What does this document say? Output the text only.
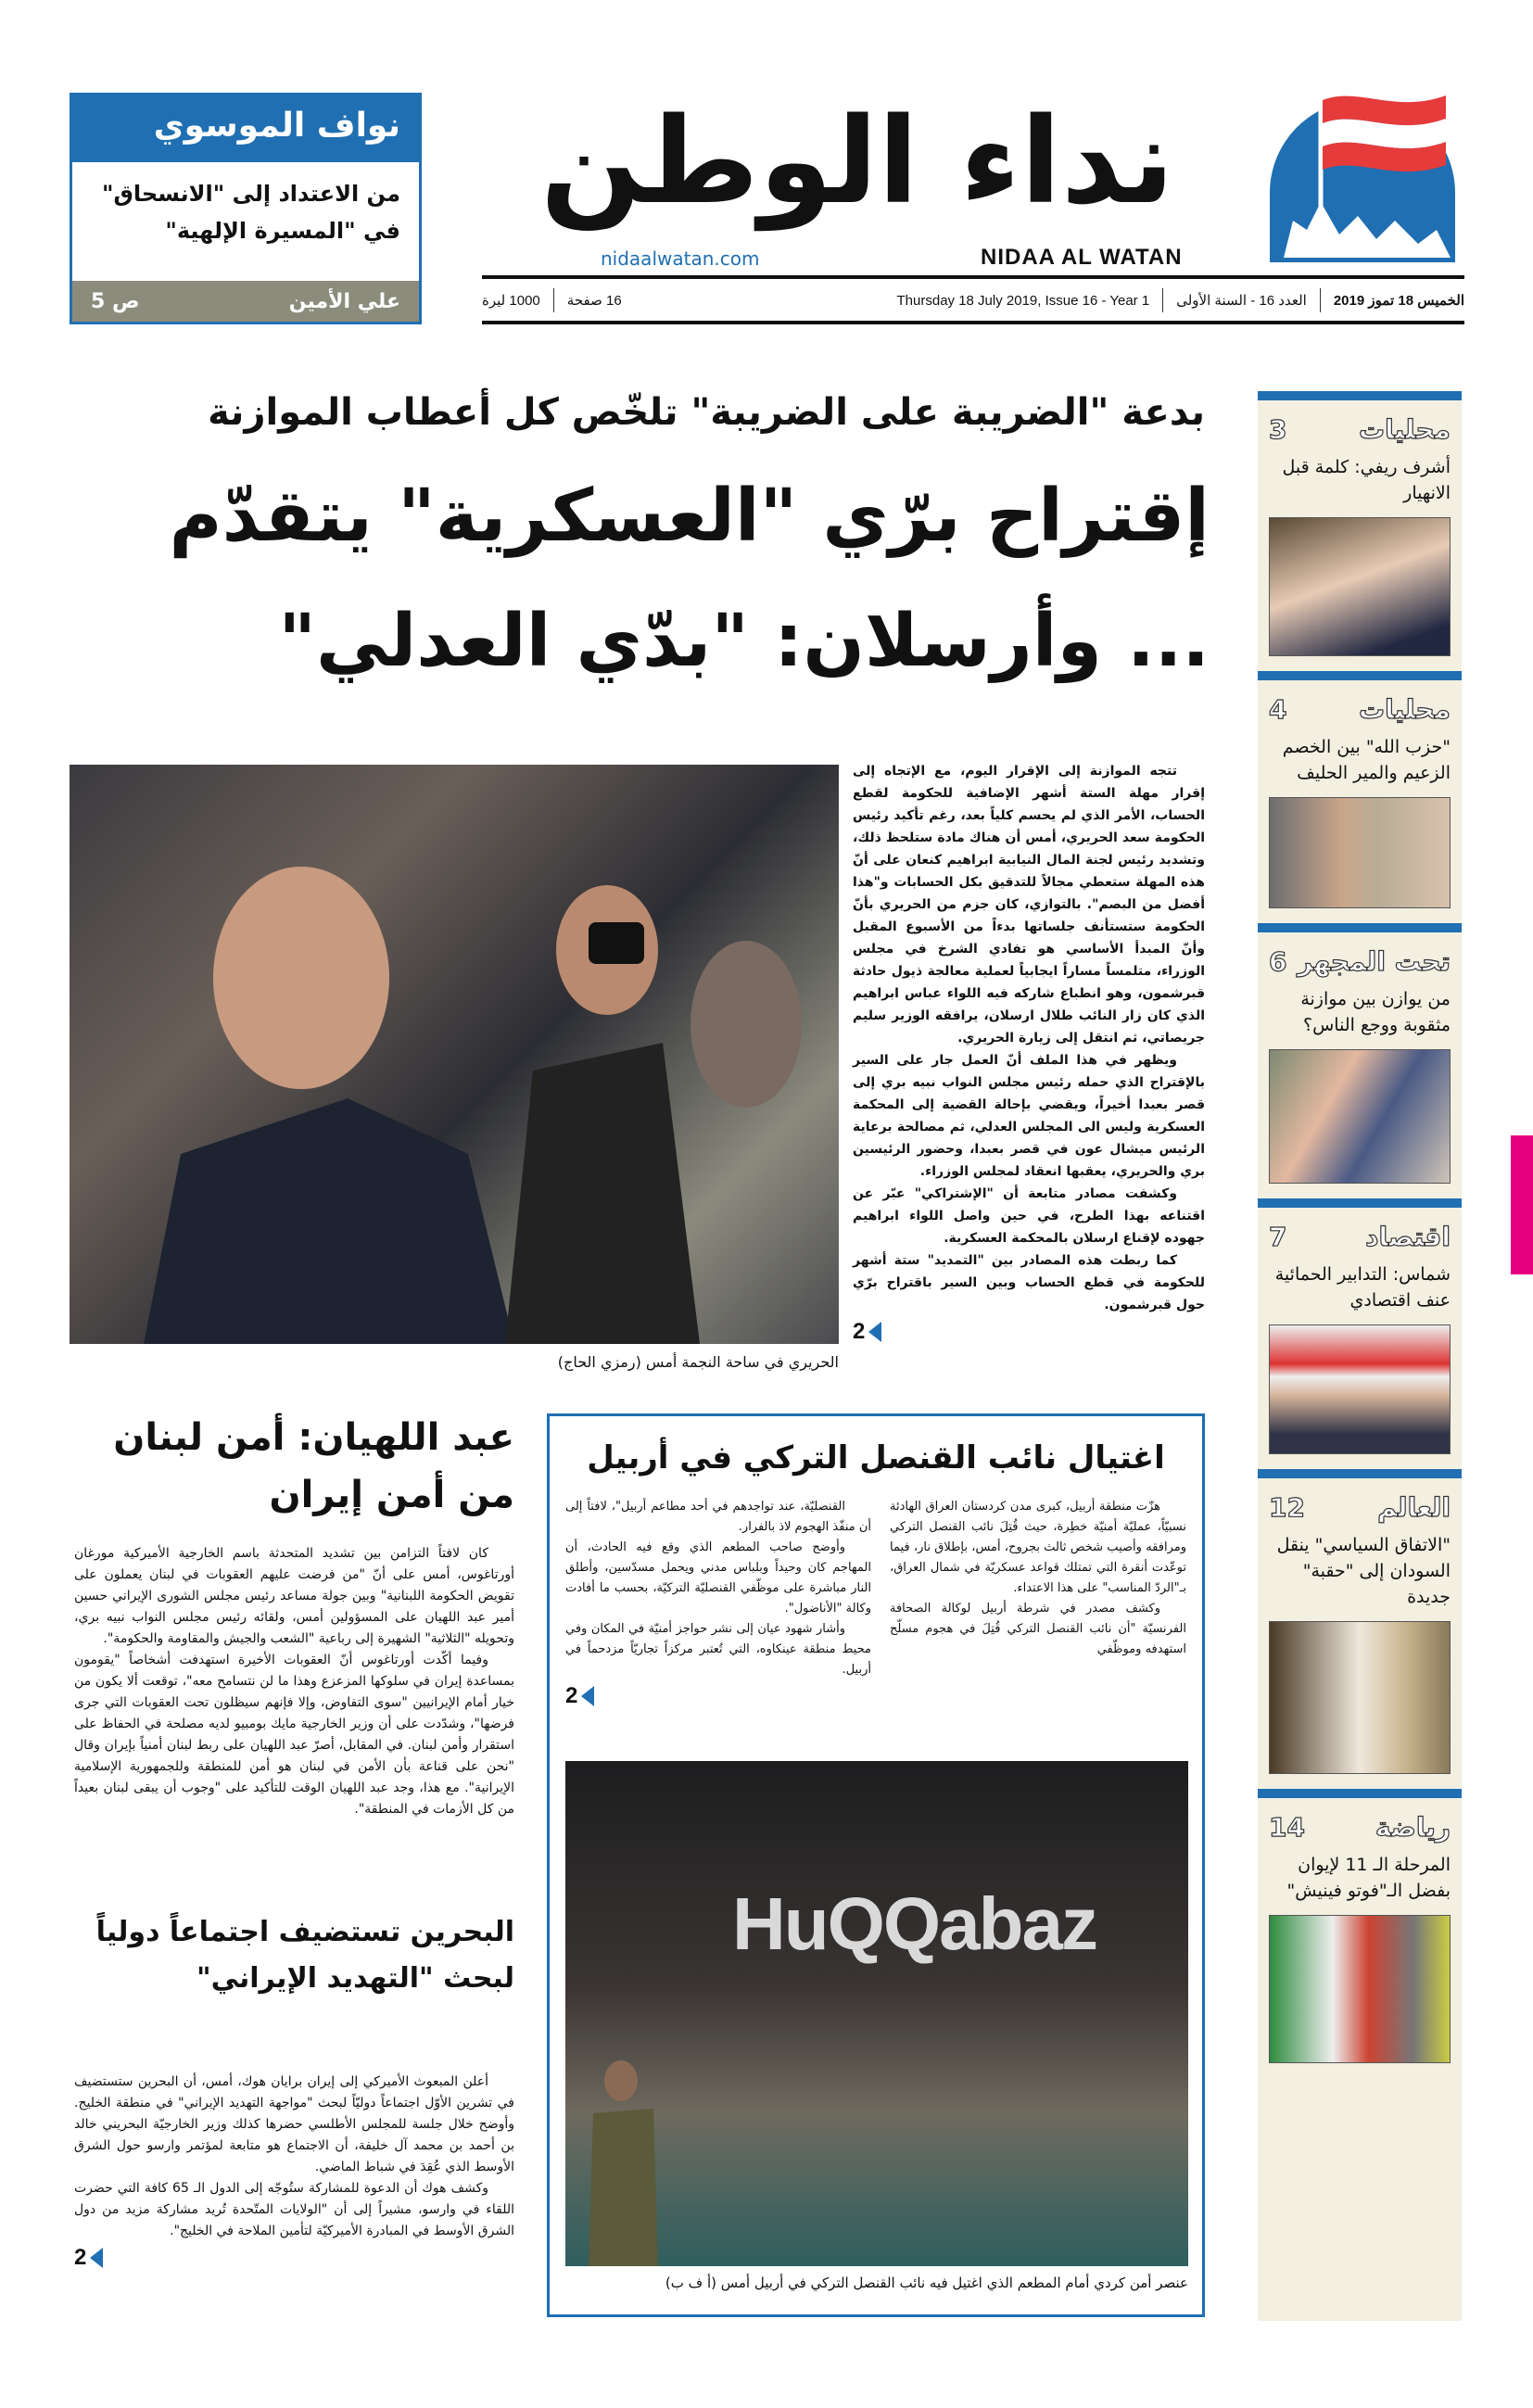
نواف الموسوي
من الاعتداد إلى "الانسحاق" في "المسيرة الإلهية"
علي الأمين
ص 5
نداء الوطن
nidaalwatan.com	NIDAA AL WATAN
الخميس 18 تموز 2019
العدد 16 - السنة الأولى
Thursday 18 July 2019, Issue 16 - Year 1
16 صفحة
1000 ليرة
بدعة "الضريبة على الضريبة" تلخّص كل أعطاب الموازنة
إقتراح برّي "العسكرية" يتقدّم
... وأرسلان: "بدّي العدلي"
الحريري في ساحة النجمة أمس (رمزي الحاج)

تتجه الموازنة إلى الإقرار اليوم، مع الإتجاه إلى إقرار مهلة الستة أشهر الإضافية للحكومة لقطع الحساب، الأمر الذي لم يحسم كلياً بعد، رغم تأكيد رئيس الحكومة سعد الحريري، أمس أن هناك مادة ستلحظ ذلك، وتشديد رئيس لجنة المال النيابية ابراهيم كنعان على أنّ هذه المهلة ستعطي مجالاً للتدقيق بكل الحسابات و"هذا أفضل من البصم". بالتوازي، كان جزم من الحريري بأنّ الحكومة ستستأنف جلساتها بدءاً من الأسبوع المقبل وأنّ المبدأ الأساسي هو تفادي الشرخ في مجلس الوزراء، متلمساً مساراً ايجابياً لعملية معالجة ذيول حادثة قبرشمون، وهو انطباع شاركه فيه اللواء عباس ابراهيم الذي كان زار النائب طلال ارسلان، يرافقه الوزير سليم جريصاتي، ثم انتقل إلى زيارة الحريري.

ويظهر في هذا الملف أنّ العمل جار على السير بالإقتراح الذي حمله رئيس مجلس النواب نبيه بري إلى قصر بعبدا أخيراً، ويقضي بإحالة القضية إلى المحكمة العسكرية وليس الى المجلس العدلي، ثم مصالحة برعاية الرئيس ميشال عون في قصر بعبدا، وحضور الرئيسين بري والحريري، يعقبها انعقاد لمجلس الوزراء.

وكشفت مصادر متابعة أن "الإشتراكي" عبّر عن اقتناعه بهذا الطرح، في حين واصل اللواء ابراهيم جهوده لإقناع ارسلان بالمحكمة العسكرية.

كما ربطت هذه المصادر بين "التمديد" ستة أشهر للحكومة في قطع الحساب وبين السير باقتراح برّي حول قبرشمون.

2
محليات
3
أشرف ريفي: كلمة قبل الانهيار
محليات
4
"حزب الله" بين الخصم الزعيم والمير الحليف
تحت المجهر
6
من يوازن بين موازنة مثقوبة ووجع الناس؟
اقتصاد
7
شماس: التدابير الحمائية عنف اقتصادي
العالم
12
"الاتفاق السياسي" ينقل السودان إلى "حقبة" جديدة
رياضة
14
المرحلة الـ 11 لإيوان بفضل الـ"فوتو فينيش"
عبد اللهيان: أمن لبنان من أمن إيران

كان لافتاً التزامن بين تشديد المتحدثة باسم الخارجية الأميركية مورغان أورتاغوس، أمس على أنّ "من فرضت عليهم العقوبات في لبنان يعملون على تقويض الحكومة اللبنانية" وبين جولة مساعد رئيس مجلس الشورى الإيراني حسين أمير عبد اللهيان على المسؤولين أمس، ولقائه رئيس مجلس النواب نبيه بري، وتحويله "الثلاثية" الشهيرة إلى رباعية "الشعب والجيش والمقاومة والحكومة".

وفيما أكّدت أورتاغوس أنّ العقوبات الأخيرة استهدفت أشخاصاً "يقومون بمساعدة إيران في سلوكها المزعزع وهذا ما لن نتسامح معه"، توقعت ألا يكون من خيار أمام الإيرانيين "سوى التفاوض، وإلا فإنهم سيظلون تحت العقوبات التي جرى فرضها"، وشدّدت على أن وزير الخارجية مايك بومبيو لديه مصلحة في الحفاظ على استقرار وأمن لبنان. في المقابل، أصرّ عبد اللهيان على ربط لبنان أمنياً بإيران وقال "نحن على قناعة بأن الأمن في لبنان هو أمن للمنطقة وللجمهورية الإسلامية الإيرانية". مع هذا، وجد عبد اللهيان الوقت للتأكيد على "وجوب أن يبقى لبنان بعيداً من كل الأزمات في المنطقة".

البحرين تستضيف اجتماعاً دولياً لبحث "التهديد الإيراني"

أعلن المبعوث الأميركي إلى إيران برايان هوك، أمس، أن البحرين ستستضيف في تشرين الأوّل اجتماعاً دوليّاً لبحث "مواجهة التهديد الإيراني" في منطقة الخليج. وأوضح خلال جلسة للمجلس الأطلسي حضرها كذلك وزير الخارجيّة البحريني خالد بن أحمد بن محمد آل خليفة، أن الاجتماع هو متابعة لمؤتمر وارسو حول الشرق الأوسط الذي عُقِدَ في شباط الماضي.

وكشف هوك أن الدعوة للمشاركة ستُوجّه إلى الدول الـ 65 كافة التي حضرت اللقاء في وارسو، مشيراً إلى أن "الولايات المتّحدة تُريد مشاركة مزيد من دول الشرق الأوسط في المبادرة الأميركيّة لتأمين الملاحة في الخليج".

2
اغتيال نائب القنصل التركي في أربيل

هزّت منطقة أربيل، كبرى مدن كردستان العراق الهادئة نسبيّاً، عمليّة أمنيّة خطِرة، حيث قُتِلَ نائب القنصل التركي ومرافقه وأصيب شخص ثالث بجروح، أمس، بإطلاق نار، فيما توعّدت أنقرة التي تمتلك قواعد عسكريّة في شمال العراق، بـ"الردّ المناسب" على هذا الاعتداء.

وكشف مصدر في شرطة أربيل لوكالة الصحافة الفرنسيّة "أن نائب القنصل التركي قُتِلَ في هجوم مسلّح استهدفه وموظّفي

القنصليّة، عند تواجدهم في أحد مطاعم أربيل"، لافتاً إلى أن منفّذ الهجوم لاذ بالفرار.

وأوضح صاحب المطعم الذي وقع فيه الحادث، أن المهاجم كان وحيداً وبلباس مدني ويحمل مسدّسين، وأطلق النار مباشرة على موظّفي القنصليّة التركيّة، بحسب ما أفادت وكالة "الأناضول".

وأشار شهود عيان إلى نشر حواجز أمنيّة في المكان وفي محيط منطقة عينكاوه، التي تُعتبر مركزاً تجاريّاً مزدحماً في أربيل.

2
HuQQabaz
عنصر أمن كردي أمام المطعم الذي اغتيل فيه نائب القنصل التركي في أربيل أمس (أ ف ب)
